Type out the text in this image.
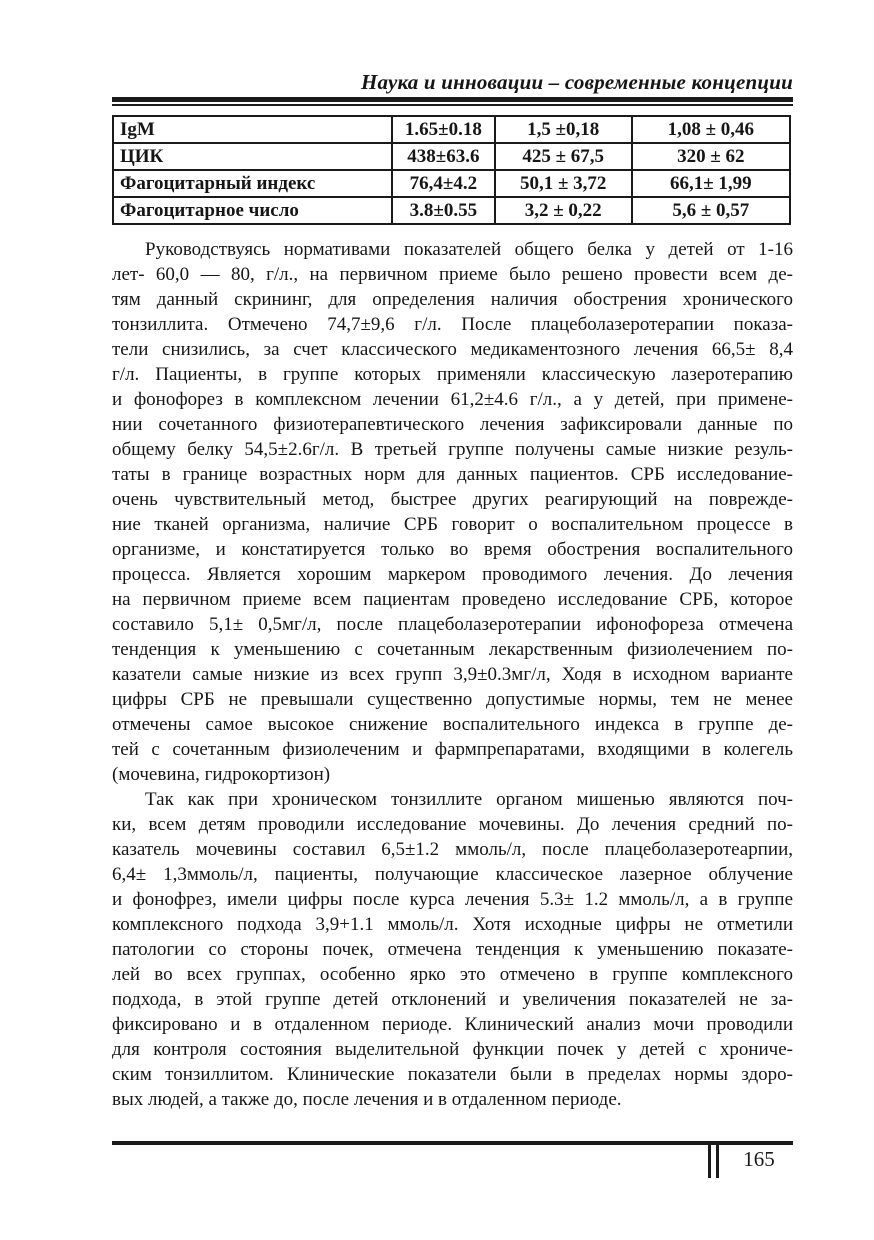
Наука и инновации – современные концепции
IgM	1.65±0.18	1,5 ±0,18	1,08 ± 0,46
ЦИК	438±63.6	425 ± 67,5	320 ± 62
Фагоцитарный индекс	76,4±4.2	50,1 ± 3,72	66,1± 1,99
Фагоцитарное число	3.8±0.55	3,2 ± 0,22	5,6 ± 0,57
Руководствуясь нормативами показателей общего белка у детей от 1-16
лет- 60,0 — 80, г/л., на первичном приеме было решено провести всем де-
тям данный скрининг, для определения наличия обострения хронического
тонзиллита. Отмечено 74,7±9,6 г/л. После плацеболазеротерапии показа-
тели снизились, за счет классического медикаментозного лечения 66,5± 8,4
г/л. Пациенты, в группе которых применяли классическую лазеротерапию
и фонофорез в комплексном лечении 61,2±4.6 г/л., а у детей, при примене-
нии сочетанного физиотерапевтического лечения зафиксировали данные по
общему белку 54,5±2.6г/л. В третьей группе получены самые низкие резуль-
таты в границе возрастных норм для данных пациентов. СРБ исследование-
очень чувствительный метод, быстрее других реагирующий на поврежде-
ние тканей организма, наличие СРБ говорит о воспалительном процессе в
организме, и констатируется только во время обострения воспалительного
процесса. Является хорошим маркером проводимого лечения. До лечения
на первичном приеме всем пациентам проведено исследование СРБ, которое
составило 5,1± 0,5мг/л, после плацеболазеротерапии ифонофореза отмечена
тенденция к уменьшению с сочетанным лекарственным физиолечением по-
казатели самые низкие из всех групп 3,9±0.3мг/л, Ходя в исходном варианте
цифры СРБ не превышали существенно допустимые нормы, тем не менее
отмечены самое высокое снижение воспалительного индекса в группе де-
тей с сочетанным физиолеченим и фармпрепаратами, входящими в колегель
(мочевина, гидрокортизон)
Так как при хроническом тонзиллите органом мишенью являются поч-
ки, всем детям проводили исследование мочевины. До лечения средний по-
казатель мочевины составил 6,5±1.2 ммоль/л, после плацеболазеротеарпии,
6,4± 1,3ммоль/л, пациенты, получающие классическое лазерное облучение
и фонофрез, имели цифры после курса лечения 5.3± 1.2 ммоль/л, а в группе
комплексного подхода 3,9+1.1 ммоль/л. Хотя исходные цифры не отметили
патологии со стороны почек, отмечена тенденция к уменьшению показате-
лей во всех группах, особенно ярко это отмечено в группе комплексного
подхода, в этой группе детей отклонений и увеличения показателей не за-
фиксировано и в отдаленном периоде. Клинический анализ мочи проводили
для контроля состояния выделительной функции почек у детей с хрониче-
ским тонзиллитом. Клинические показатели были в пределах нормы здоро-
вых людей, а также до, после лечения и в отдаленном периоде.
165
